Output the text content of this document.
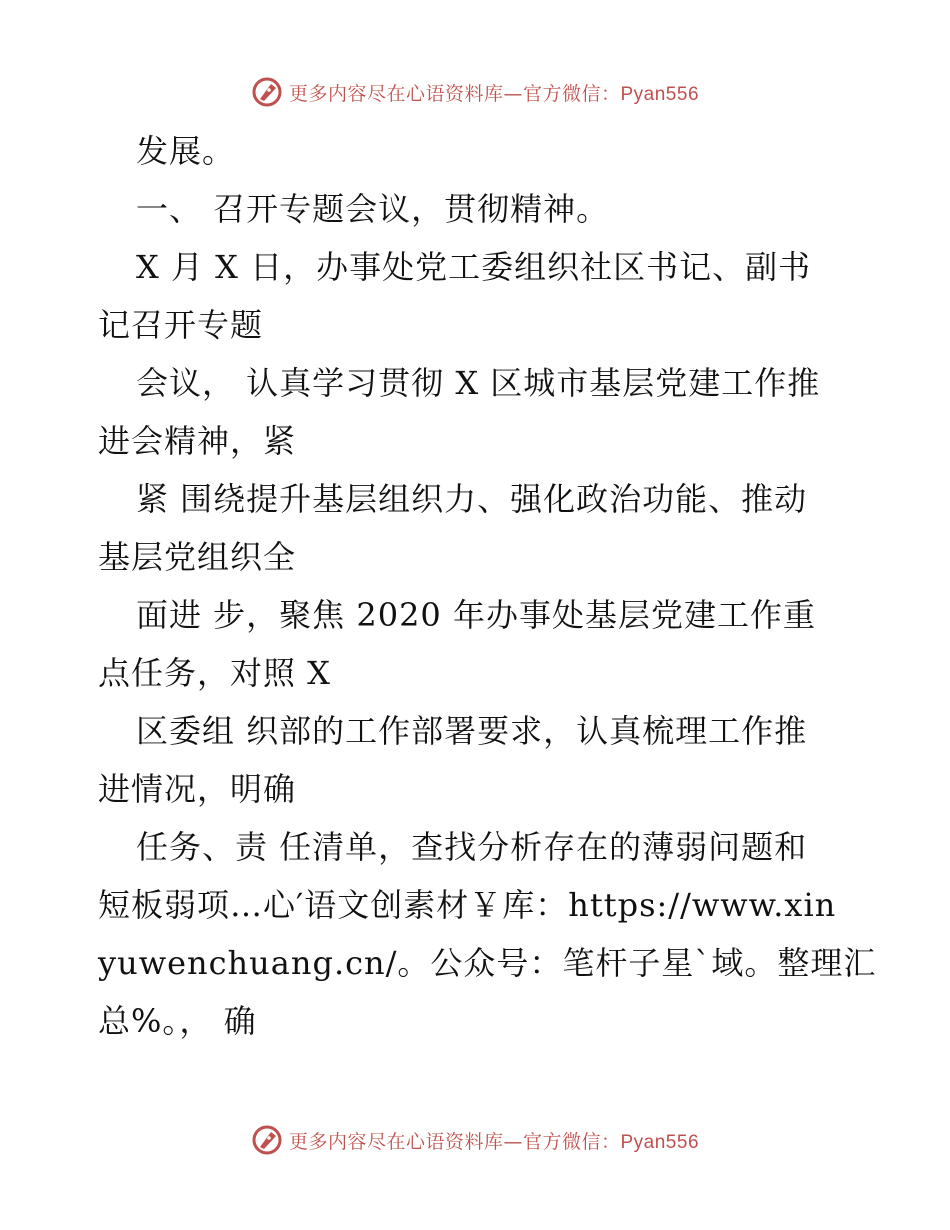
更多内容尽在心语资料库—官方微信：Pyan556
发展。
一、 召开专题会议，贯彻精神。
X 月 X 日，办事处党工委组织社区书记、副书
记召开专题
会议， 认真学习贯彻 X 区城市基层党建工作推
进会精神，紧
紧 围绕提升基层组织力、强化政治功能、推动
基层党组织全
面进 步，聚焦 2020 年办事处基层党建工作重
点任务，对照 X
区委组 织部的工作部署要求，认真梳理工作推
进情况，明确
任务、责 任清单，查找分析存在的薄弱问题和
短板弱项…心′语文创素材￥库：https://www.xin
yuwenchuang.cn/。公众号：笔杆子星`域。整理汇
总%。， 确
更多内容尽在心语资料库—官方微信：Pyan556
